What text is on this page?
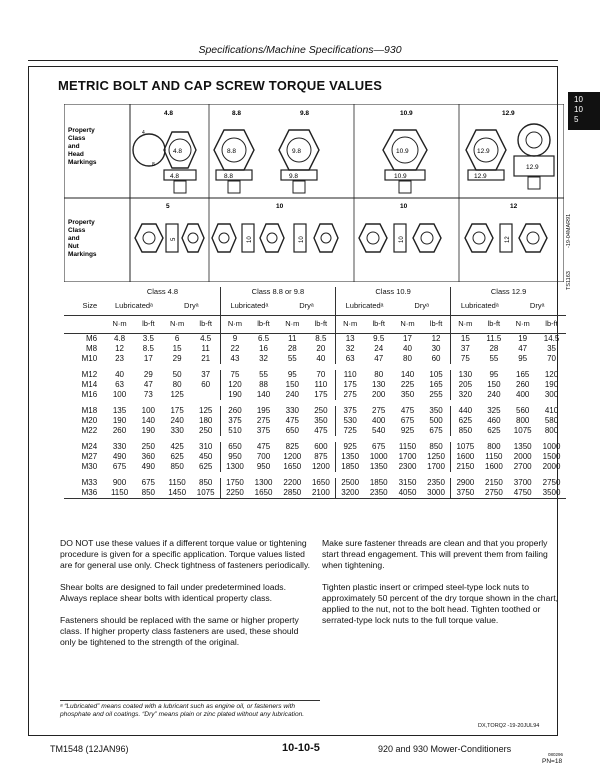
Specifications/Machine Specifications—930
METRIC BOLT AND CAP SCREW TORQUE VALUES
10
10
5
Property
Class
and
Head
Markings
Property
Class
and
Nut
Markings
4.8
4
8
4.8
4.8
8.8
8.8
8.8
9.8
9.8
9.8
10.9
10.9
10.9
12.9
12.9
12.9
12.9
5
5
10
10	10
10
10
12
12	-19-04MAR91
TS1163
	Class 4.8				Class 8.8 or 9.8				Class 10.9				Class 12.9			
Size	Lubricatedᵃ		Dryᵃ		Lubricatedᵃ		Dryᵃ		Lubricatedᵃ		Dryᵃ		Lubricatedᵃ		Dryᵃ	
	N·m	lb-ft	N·m	lb-ft	N·m	lb-ft	N·m	lb-ft	N·m	lb-ft	N·m	lb-ft	N·m	lb-ft	N·m	lb-ft
M6	4.8	3.5	6	4.5	9	6.5	11	8.5	13	9.5	17	12	15	11.5	19	14.5
M8	12	8.5	15	11	22	16	28	20	32	24	40	30	37	28	47	35
M10	23	17	29	21	43	32	55	40	63	47	80	60	75	55	95	70

M12	40	29	50	37	75	55	95	70	110	80	140	105	130	95	165	120
M14	63	47	80	60	120	88	150	110	175	130	225	165	205	150	260	190
M16	100	73	125		190	140	240	175	275	200	350	255	320	240	400	300

M18	135	100	175	125	260	195	330	250	375	275	475	350	440	325	560	410
M20	190	140	240	180	375	275	475	350	530	400	675	500	625	460	800	580
M22	260	190	330	250	510	375	650	475	725	540	925	675	850	625	1075	800

M24	330	250	425	310	650	475	825	600	925	675	1150	850	1075	800	1350	1000
M27	490	360	625	450	950	700	1200	875	1350	1000	1700	1250	1600	1150	2000	1500
M30	675	490	850	625	1300	950	1650	1200	1850	1350	2300	1700	2150	1600	2700	2000

M33	900	675	1150	850	1750	1300	2200	1650	2500	1850	3150	2350	2900	2150	3700	2750
M36	1150	850	1450	1075	2250	1650	2850	2100	3200	2350	4050	3000	3750	2750	4750	3500

DO NOT use these values if a different torque value or tightening procedure is given for a specific application. Torque values listed are for general use only. Check tightness of fasteners periodically.

Shear bolts are designed to fail under predetermined loads. Always replace shear bolts with identical property class.

Fasteners should be replaced with the same or higher property class. If higher property class fasteners are used, these should only be tightened to the strength of the original.

Make sure fastener threads are clean and that you properly start thread engagement. This will prevent them from failing when tightening.

Tighten plastic insert or crimped steel-type lock nuts to approximately 50 percent of the dry torque shown in the chart, applied to the nut, not to the bolt head. Tighten toothed or serrated-type lock nuts to the full torque value.

ᵃ “Lubricated” means coated with a lubricant such as engine oil, or fasteners with phosphate and oil coatings. “Dry” means plain or zinc plated without any lubrication.
DX,TORQ2 -19-20JUL94
TM1548 (12JAN96)	10-10-5	920 and 930 Mower-Conditioners
080296
PN=18
